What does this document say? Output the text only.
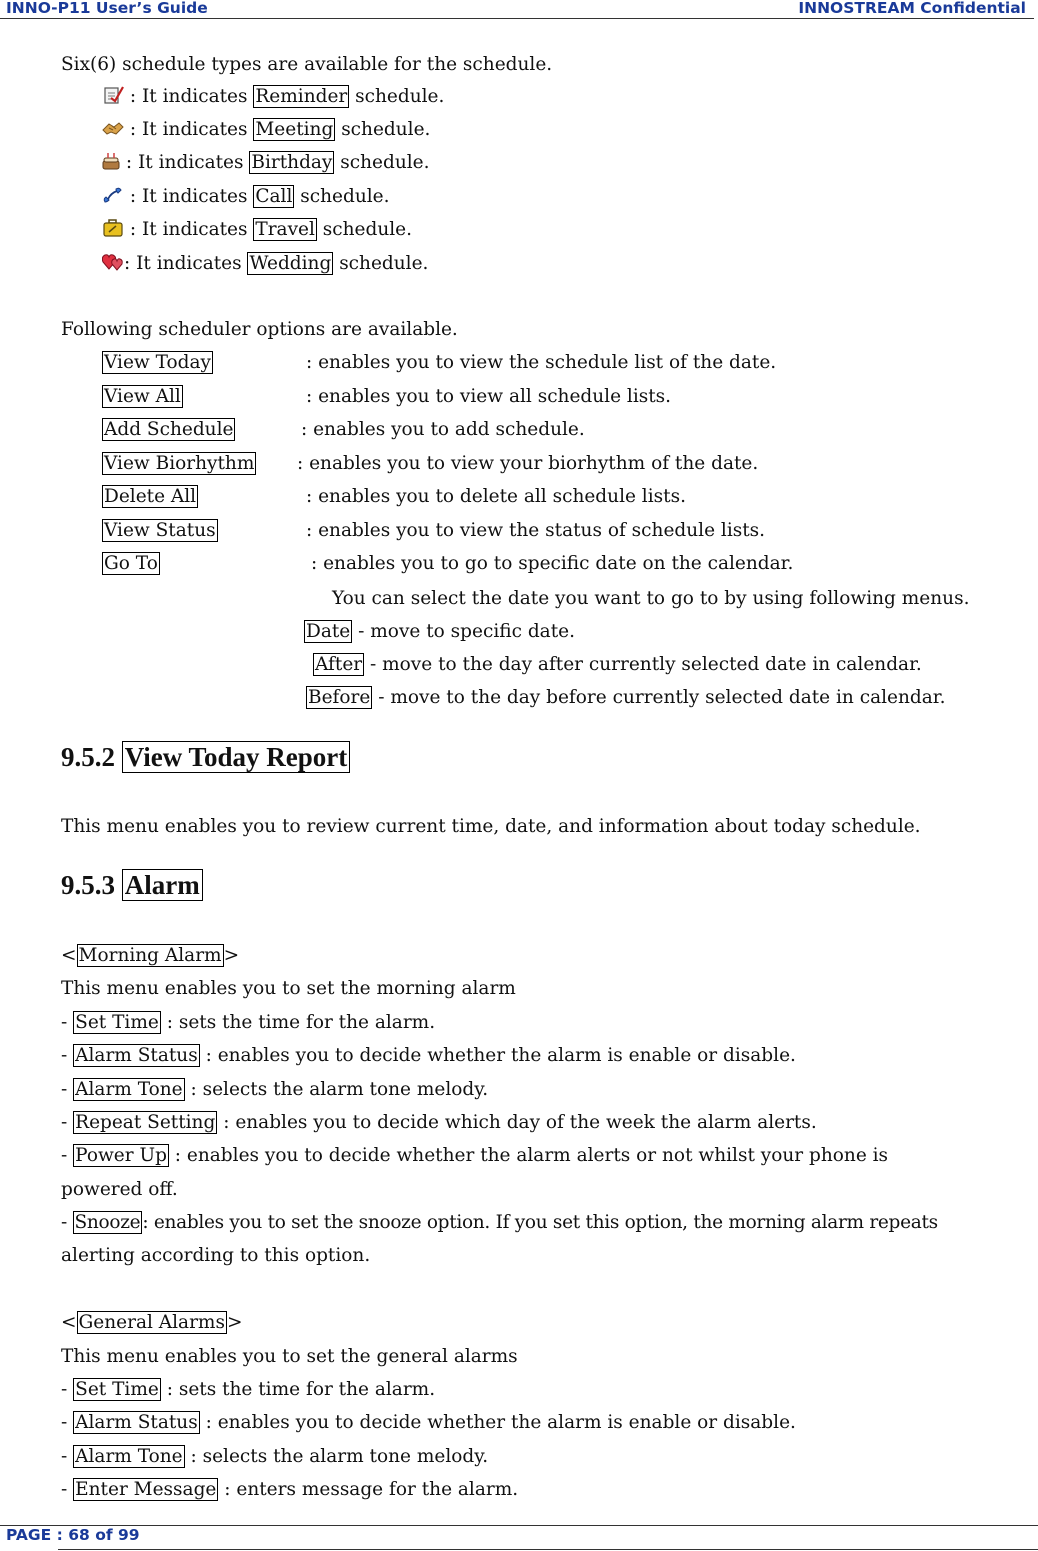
INNO-P11 User’s Guide	INNOSTREAM Confidential
Six(6) schedule types are available for the schedule.
: It indicates Reminder schedule.
: It indicates Meeting schedule.
: It indicates Birthday schedule.
: It indicates Call schedule.
: It indicates Travel schedule.
: It indicates Wedding schedule.
Following scheduler options are available.
View Today	: enables you to view the schedule list of the date.
View All	: enables you to view all schedule lists.
Add Schedule	: enables you to add schedule.
View Biorhythm : enables you to view your biorhythm of the date.
Delete All	: enables you to delete all schedule lists.
View Status	: enables you to view the status of schedule lists.
Go To	: enables you to go to specific date on the calendar.
You can select the date you want to go to by using following menus.
Date - move to specific date.
After - move to the day after currently selected date in calendar.
Before - move to the day before currently selected date in calendar.
9.5.2 View Today Report
This menu enables you to review current time, date, and information about today schedule.
9.5.3 Alarm
< Morning Alarm >
This menu enables you to set the morning alarm
- Set Time : sets the time for the alarm.
- Alarm Status : enables you to decide whether the alarm is enable or disable.
- Alarm Tone : selects the alarm tone melody.
- Repeat Setting : enables you to decide which day of the week the alarm alerts.
- Power Up : enables you to decide whether the alarm alerts or not whilst your phone is
powered off.
- Snooze : enables you to set the snooze option. If you set this option, the morning alarm repeats
alerting according to this option.
< General Alarms >
This menu enables you to set the general alarms
- Set Time : sets the time for the alarm.
- Alarm Status : enables you to decide whether the alarm is enable or disable.
- Alarm Tone : selects the alarm tone melody.
- Enter Message : enters message for the alarm.
PAGE : 68 of 99
